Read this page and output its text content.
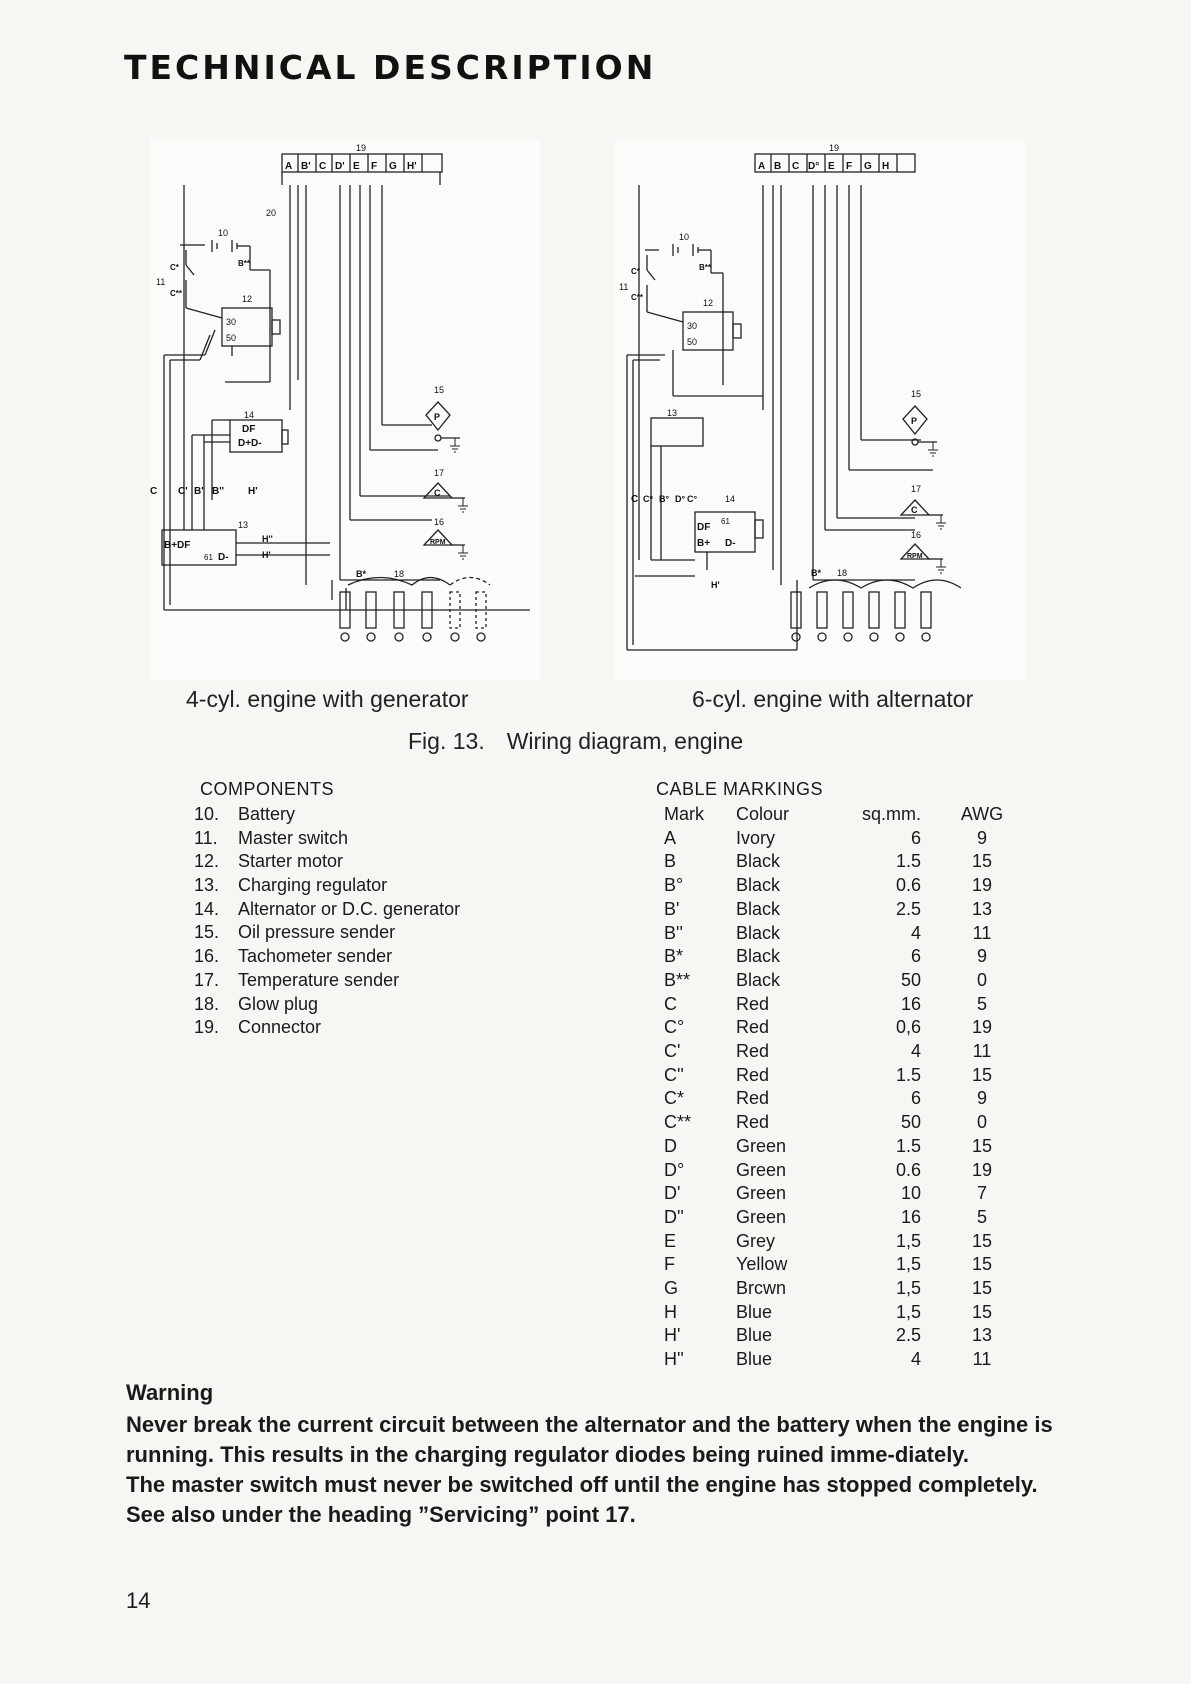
TECHNICAL DESCRIPTION
19
A B' C D' E F G H'
20
10
11
12
30
50
14
DF
D+D-
13
B+DF
D-
61
15
17
16
18
P
C
RPM
C C' B' B'' H'
H''
H'
B*
C*
C**
B**
19
A B C D° E F G H
10
11
12
30
50
13
14
DF
61
B+ D-
15
17
16
18
P
C
RPM
C C* B° D° C°
H'
B*
C*
C**
B**
4-cyl. engine with generator	6-cyl. engine with alternator
Fig. 13. Wiring diagram, engine
COMPONENTS
10. Battery
11. Master switch
12. Starter motor
13. Charging regulator
14. Alternator or D.C. generator
15. Oil pressure sender
16. Tachometer sender
17. Temperature sender
18. Glow plug
19. Connector
CABLE MARKINGS
Mark	Colour	sq.mm.	AWG
A	Ivory	6	9
B	Black	1.5	15
B°	Black	0.6	19
B'	Black	2.5	13
B''	Black	4	11
B*	Black	6	9
B**	Black	50	0
C	Red	16	5
C°	Red	0,6	19
C'	Red	4	11
C''	Red	1.5	15
C*	Red	6	9
C**	Red	50	0
D	Green	1.5	15
D°	Green	0.6	19
D'	Green	10	7
D''	Green	16	5
E	Grey	1,5	15
F	Yellow	1,5	15
G	Brcwn	1,5	15
H	Blue	1,5	15
H'	Blue	2.5	13
H''	Blue	4	11
Warning

Never break the current circuit between the alternator and the battery when the engine is running. This results in the charging regulator diodes being ruined imme-diately.

The master switch must never be switched off until the engine has stopped completely. See also under the heading ”Servicing” point 17.

14
